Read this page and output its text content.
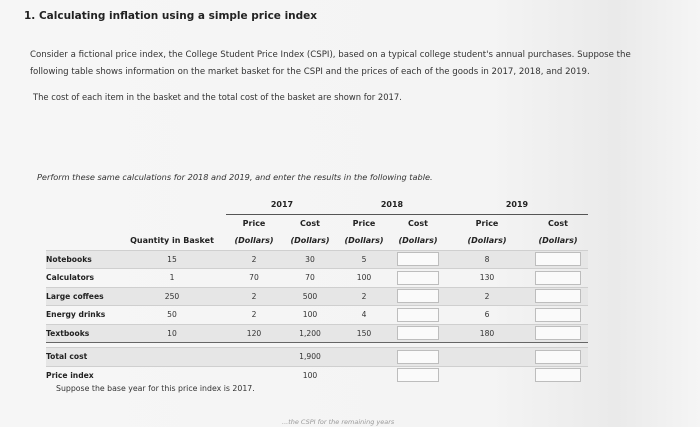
1. Calculating inflation using a simple price index
Consider a fictional price index, the College Student Price Index (CSPI), based on a typical college student's annual purchases. Suppose the following table shows information on the market basket for the CSPI and the prices of each of the goods in 2017, 2018, and 2019.
The cost of each item in the basket and the total cost of the basket are shown for 2017.
Perform these same calculations for 2018 and 2019, and enter the results in the following table.
		2017		2018		2019	
		Price	Cost	Price	Cost	Price	Cost
	Quantity in Basket	(Dollars)	(Dollars)	(Dollars)	(Dollars)	(Dollars)	(Dollars)
Notebooks	15	2	30	5		8	
Calculators	1	70	70	100		130	
Large coffees	250	2	500	2		2	
Energy drinks	50	2	100	4		6	
Textbooks	10	120	1,200	150		180	

Total cost			1,900				
Price index			100				
Suppose the base year for this price index is 2017.
...the CSPI for the remaining years
